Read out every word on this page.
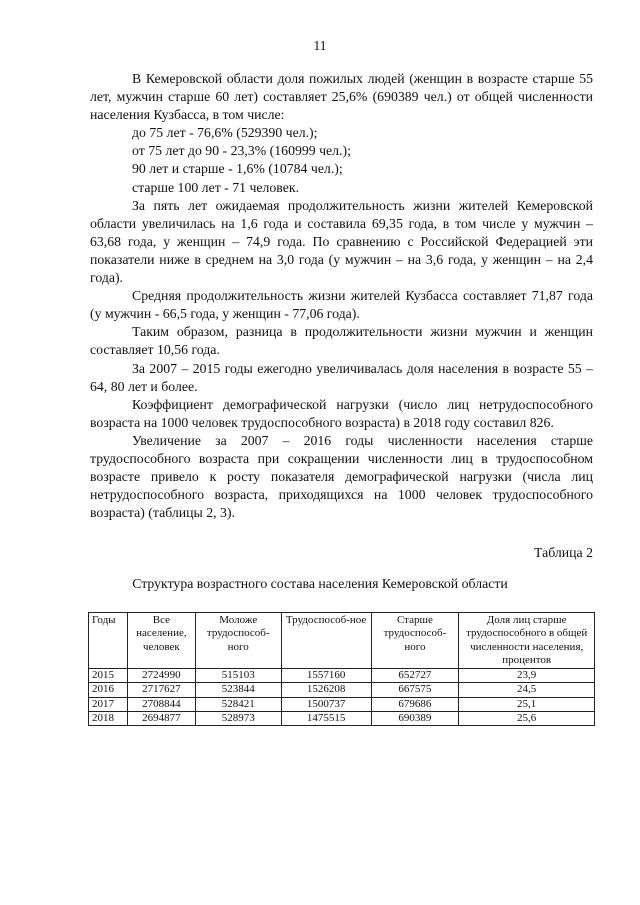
11

В Кемеровской области доля пожилых людей (женщин в возрасте старше 55 лет, мужчин старше 60 лет) составляет 25,6% (690389 чел.) от общей численности населения Кузбасса, в том числе:

до 75 лет - 76,6% (529390 чел.);

от 75 лет до 90 - 23,3% (160999 чел.);

90 лет и старше - 1,6% (10784 чел.);

старше 100 лет - 71 человек.

За пять лет ожидаемая продолжительность жизни жителей Кемеровской области увеличилась на 1,6 года и составила 69,35 года, в том числе у мужчин – 63,68 года, у женщин – 74,9 года. По сравнению с Российской Федерацией эти показатели ниже в среднем на 3,0 года (у мужчин – на 3,6 года, у женщин – на 2,4 года).

Средняя продолжительность жизни жителей Кузбасса составляет 71,87 года (у мужчин - 66,5 года, у женщин - 77,06 года).

Таким образом, разница в продолжительности жизни мужчин и женщин составляет 10,56 года.

За 2007 – 2015 годы ежегодно увеличивалась доля населения в возрасте 55 – 64, 80 лет и более.

Коэффициент демографической нагрузки (число лиц нетрудоспособного возраста на 1000 человек трудоспособного возраста) в 2018 году составил 826.

Увеличение за 2007 – 2016 годы численности населения старше трудоспособного возраста при сокращении численности лиц в трудоспособном возрасте привело к росту показателя демографической нагрузки (числа лиц нетрудоспособного возраста, приходящихся на 1000 человек трудоспособного возраста) (таблицы 2, 3).

Таблица 2
Структура возрастного состава населения Кемеровской области
Годы	Все население, человек	Моложе трудоспособ-ного	Трудоспособ-ное	Старше трудоспособ-ного	Доля лиц старше трудоспособного в общей численности населения, процентов
2015	2724990	515103	1557160	652727	23,9
2016	2717627	523844	1526208	667575	24,5
2017	2708844	528421	1500737	679686	25,1
2018	2694877	528973	1475515	690389	25,6
